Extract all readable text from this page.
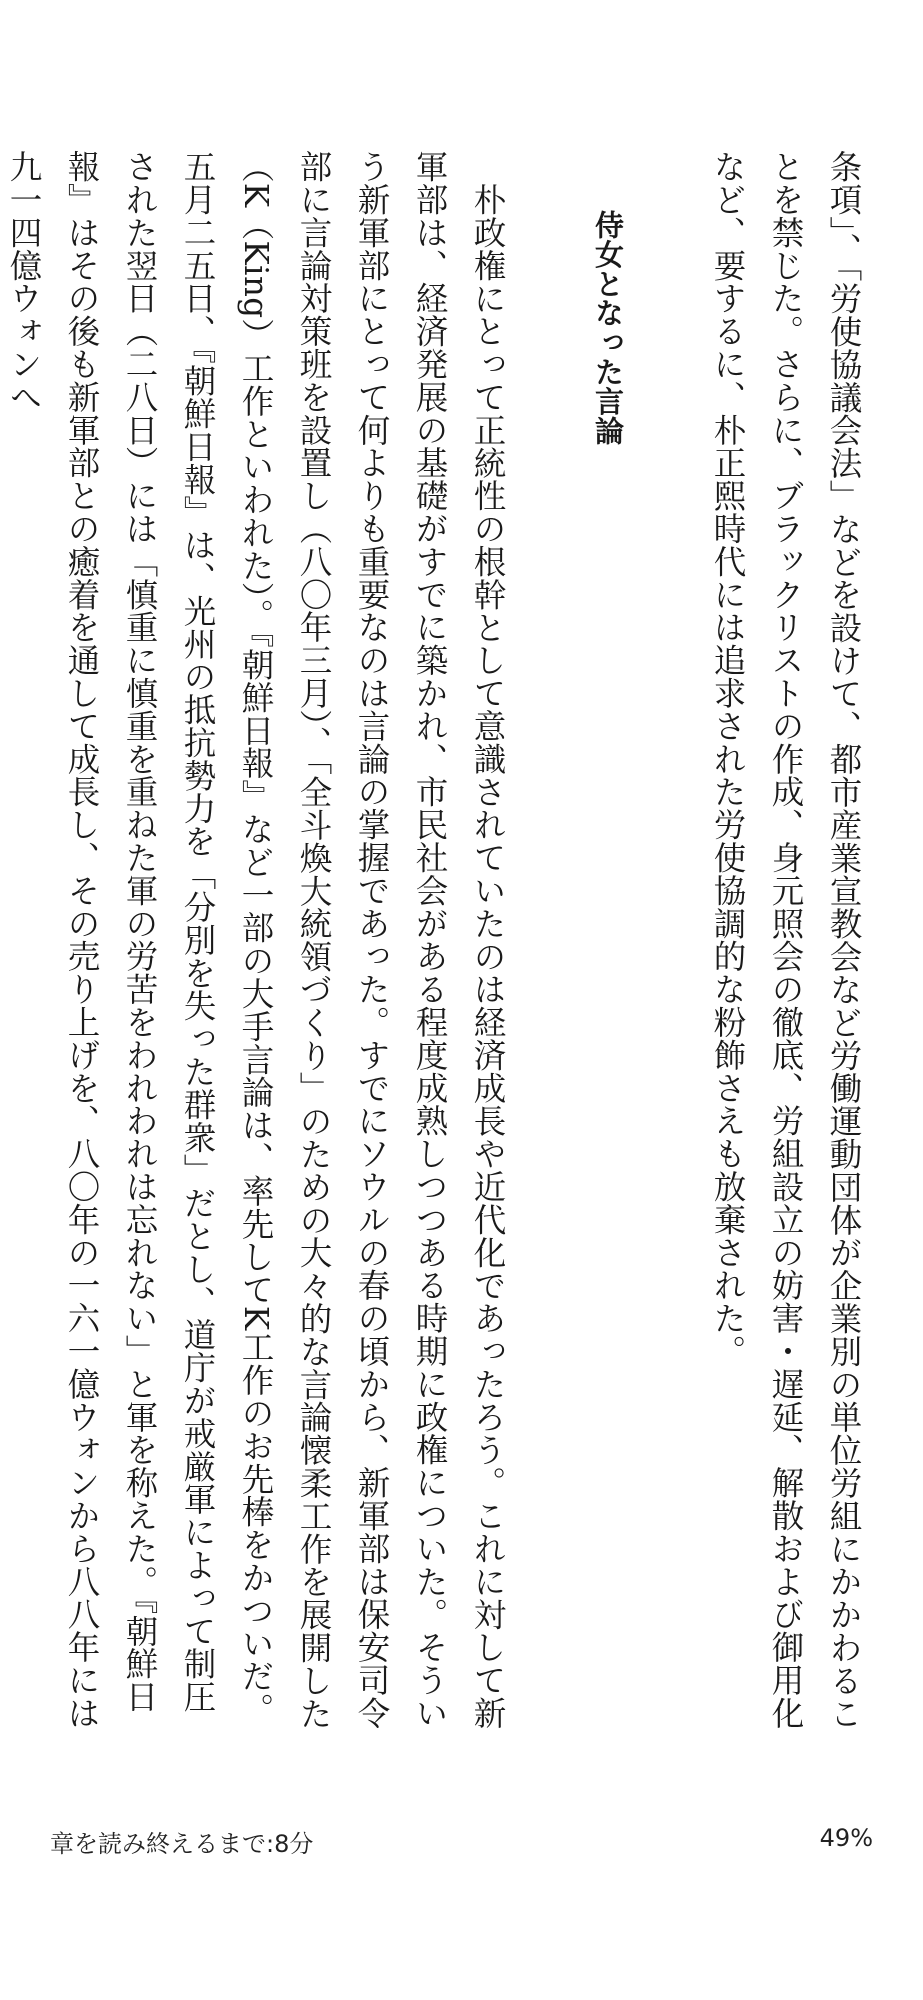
条項」、「労使協議会法」などを設けて、都市産業宣教会など労働運動団体が企業別の単位労組にかかわることを禁じた。さらに、ブラックリストの作成、身元照会の徹底、労組設立の妨害・遅延、解散および御用化など、要するに、朴正熙時代には追求された労使協調的な粉飾さえも放棄された。

侍女となった言論

朴政権にとって正統性の根幹として意識されていたのは経済成長や近代化であったろう。これに対して新軍部は、経済発展の基礎がすでに築かれ、市民社会がある程度成熟しつつある時期に政権についた。そういう新軍部にとって何よりも重要なのは言論の掌握であった。すでにソウルの春の頃から、新軍部は保安司令部に言論対策班を設置し（八〇年三月）、「全斗煥大統領づくり」のための大々的な言論懐柔工作を展開した（K（King）工作といわれた）。『朝鮮日報』など一部の大手言論は、率先してK工作のお先棒をかついだ。五月二五日、『朝鮮日報』は、光州の抵抗勢力を「分別を失った群衆」だとし、道庁が戒厳軍によって制圧された翌日（二八日）には「慎重に慎重を重ねた軍の労苦をわれわれは忘れない」と軍を称えた。『朝鮮日報』はその後も新軍部との癒着を通して成長し、その売り上げを、八〇年の一六一億ウォンから八八年には九一四億ウォンへ

章を読み終えるまで:8分	49%
